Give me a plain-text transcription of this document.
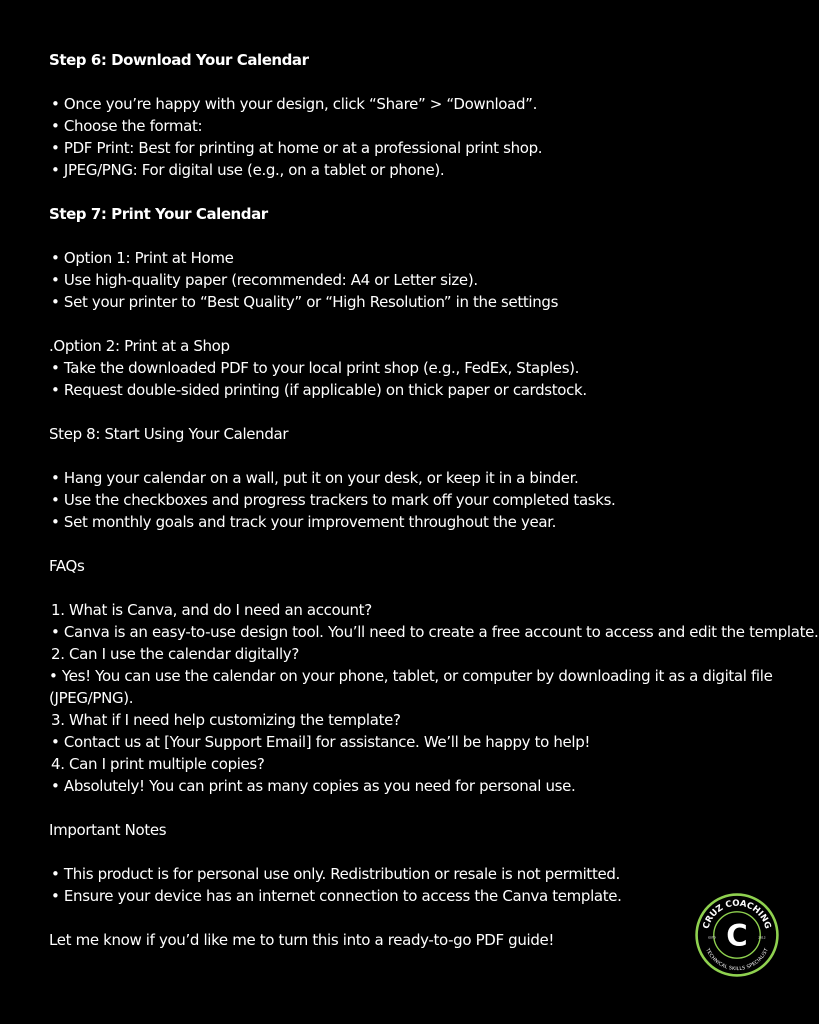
Step 6: Download Your Calendar
• Once you’re happy with your design, click “Share” > “Download”.
• Choose the format:
• PDF Print: Best for printing at home or at a professional print shop.
• JPEG/PNG: For digital use (e.g., on a tablet or phone).
Step 7: Print Your Calendar
• Option 1: Print at Home
• Use high-quality paper (recommended: A4 or Letter size).
• Set your printer to “Best Quality” or “High Resolution” in the settings
.Option 2: Print at a Shop
• Take the downloaded PDF to your local print shop (e.g., FedEx, Staples).
• Request double-sided printing (if applicable) on thick paper or cardstock.
Step 8: Start Using Your Calendar
• Hang your calendar on a wall, put it on your desk, or keep it in a binder.
• Use the checkboxes and progress trackers to mark off your completed tasks.
• Set monthly goals and track your improvement throughout the year.
FAQs
1. What is Canva, and do I need an account?
• Canva is an easy-to-use design tool. You’ll need to create a free account to access and edit the template.
2. Can I use the calendar digitally?
• Yes! You can use the calendar on your phone, tablet, or computer by downloading it as a digital file (JPEG/PNG).
3. What if I need help customizing the template?
• Contact us at [Your Support Email] for assistance. We’ll be happy to help!
4. Can I print multiple copies?
• Absolutely! You can print as many copies as you need for personal use.
Important Notes
• This product is for personal use only. Redistribution or resale is not permitted.
• Ensure your device has an internet connection to access the Canva template.
Let me know if you’d like me to turn this into a ready-to-go PDF guide!
CRUZ COACHING
TECHNICAL SKILLS SPECIALIST
ESTD	2012
C
